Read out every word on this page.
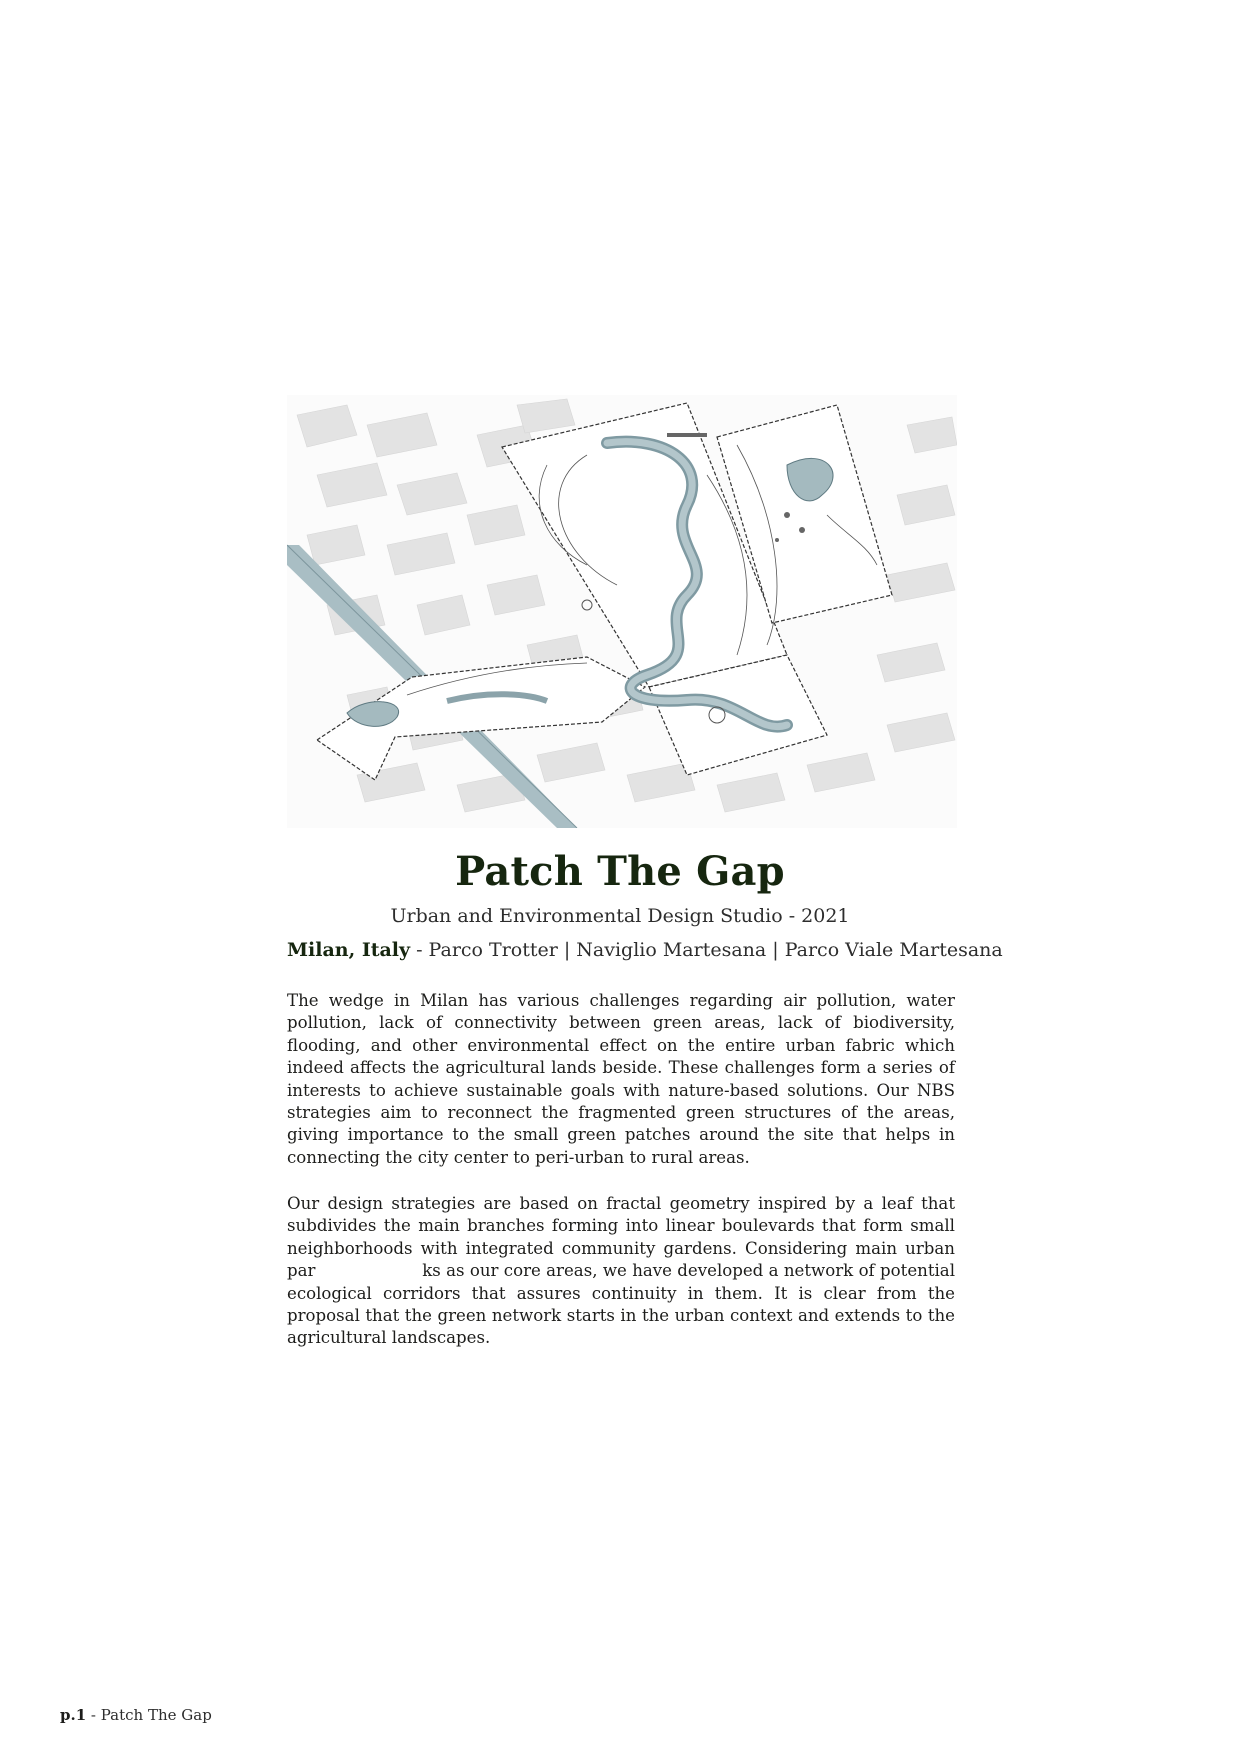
Patch The Gap
Urban and Environmental Design Studio - 2021
Milan, Italy - Parco Trotter | Naviglio Martesana | Parco Viale Martesana

The wedge in Milan has various challenges regarding air pollution, water pollution, lack of connectivity between green areas, lack of biodiversity, flooding, and other environmental effect on the entire urban fabric which indeed affects the agricultural lands beside. These challenges form a series of interests to achieve sustainable goals with nature-based solutions. Our NBS strategies aim to reconnect the fragmented green structures of the areas, giving importance to the small green patches around the site that helps in connecting the city center to peri-urban to rural areas.

Our design strategies are based on fractal geometry inspired by a leaf that subdivides the main branches forming into linear boulevards that form small neighborhoods with integrated community gardens. Considering main urban par                    ks as our core areas, we have developed a network of potential ecological corridors that assures continuity in them. It is clear from the proposal that the green network starts in the urban context and extends to the agricultural landscapes.

p.1 - Patch The Gap
